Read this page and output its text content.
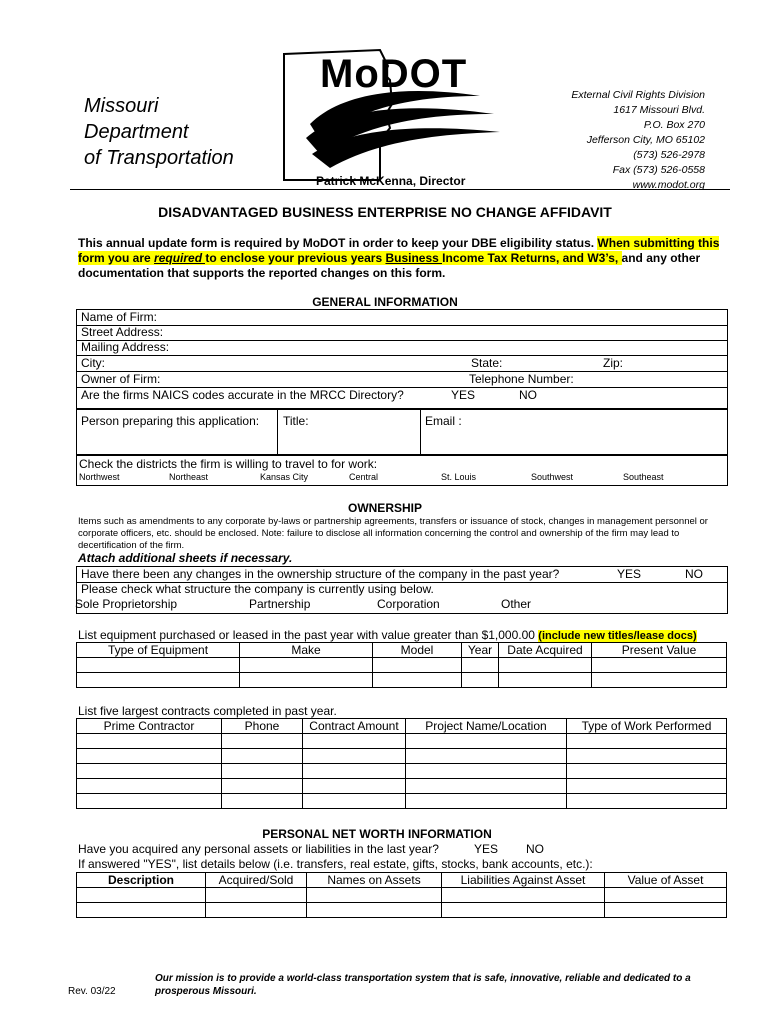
Missouri
Department
of Transportation
MoDOT
Patrick McKenna, Director
External Civil Rights Division
1617 Missouri Blvd.
P.O. Box 270
Jefferson City, MO 65102
(573) 526-2978
Fax (573) 526-0558
www.modot.org
DISADVANTAGED BUSINESS ENTERPRISE NO CHANGE AFFIDAVIT
This annual update form is required by MoDOT in order to keep your DBE eligibility status. When submitting this form you are required to enclose your previous years Business Income Tax Returns, and W3’s, and any other documentation that supports the reported changes on this form.
GENERAL INFORMATION
Name of Firm:
Street Address:
Mailing Address:
City:	State:	Zip:
Owner of Firm:	Telephone Number:
Are the firms NAICS codes accurate in the MRCC Directory?	YES	NO
Person preparing this application: Title:	Email :
Check the districts the firm is willing to travel to for work:
Northwest	Northeast	Kansas City	Central	St. Louis	Southwest	Southeast
OWNERSHIP
Items such as amendments to any corporate by-laws or partnership agreements, transfers or issuance of stock, changes in management personnel or corporate officers, etc. should be enclosed. Note: failure to disclose all information concerning the control and ownership of the firm may lead to decertification of the firm.
Attach additional sheets if necessary.
Have there been any changes in the ownership structure of the company in the past year?	YES	NO
Please check what structure the company is currently using below.
Sole Proprietorship	Partnership	Corporation	Other
List equipment purchased or leased in the past year with value greater than $1,000.00 (include new titles/lease docs)
Type of Equipment	Make	Model	Year	Date Acquired	Present Value

List five largest contracts completed in past year.
Prime Contractor	Phone	Contract Amount	Project Name/Location	Type of Work Performed

PERSONAL NET WORTH INFORMATION
Have you acquired any personal assets or liabilities in the last year?	YES NO
If answered "YES", list details below (i.e. transfers, real estate, gifts, stocks, bank accounts, etc.):
Description	Acquired/Sold	Names on Assets	Liabilities Against Asset	Value of Asset

Rev. 03/22
Our mission is to provide a world-class transportation system that is safe, innovative, reliable and dedicated to a prosperous Missouri.
